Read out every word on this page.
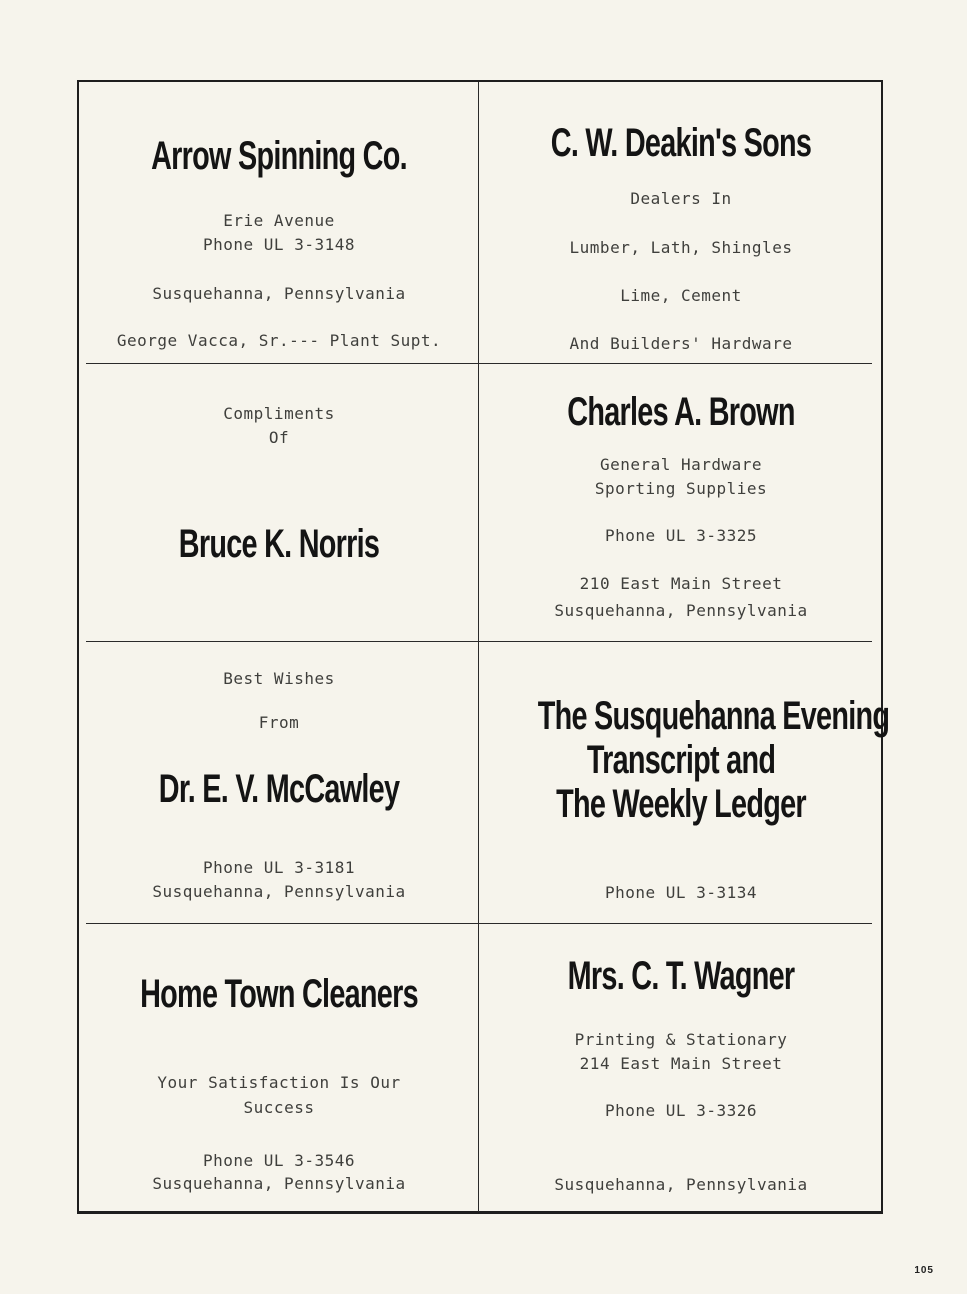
Arrow Spinning Co.
Erie Avenue
Phone UL 3-3148
Susquehanna, Pennsylvania
George Vacca, Sr.--- Plant Supt.
C. W. Deakin's Sons
Dealers In
Lumber, Lath, Shingles
Lime, Cement
And Builders' Hardware
Compliments
Of
Bruce K. Norris
Charles A. Brown
General Hardware
Sporting Supplies
Phone UL 3-3325
210 East Main Street
Susquehanna, Pennsylvania
Best Wishes
From
Dr. E. V. McCawley
Phone UL 3-3181
Susquehanna, Pennsylvania
The Susquehanna Evening
Transcript and
The Weekly Ledger
Phone UL 3-3134
Home Town Cleaners
Your Satisfaction Is Our
Success
Phone UL 3-3546
Susquehanna, Pennsylvania
Mrs. C. T. Wagner
Printing & Stationary
214 East Main Street
Phone UL 3-3326
Susquehanna, Pennsylvania
105
